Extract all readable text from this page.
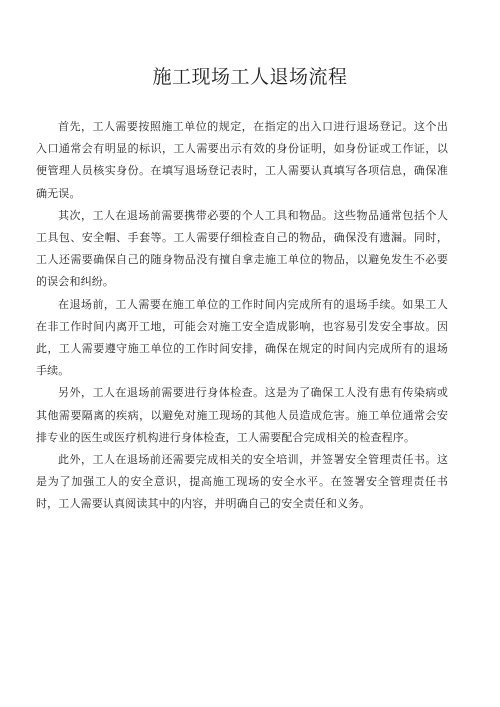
施工现场工人退场流程

首先，工人需要按照施工单位的规定，在指定的出入口进行退场登记。这个出入口通常会有明显的标识，工人需要出示有效的身份证明，如身份证或工作证，以便管理人员核实身份。在填写退场登记表时，工人需要认真填写各项信息，确保准确无误。

其次，工人在退场前需要携带必要的个人工具和物品。这些物品通常包括个人工具包、安全帽、手套等。工人需要仔细检查自己的物品，确保没有遗漏。同时，工人还需要确保自己的随身物品没有擅自拿走施工单位的物品，以避免发生不必要的误会和纠纷。

在退场前，工人需要在施工单位的工作时间内完成所有的退场手续。如果工人在非工作时间内离开工地，可能会对施工安全造成影响，也容易引发安全事故。因此，工人需要遵守施工单位的工作时间安排，确保在规定的时间内完成所有的退场手续。

另外，工人在退场前需要进行身体检查。这是为了确保工人没有患有传染病或其他需要隔离的疾病，以避免对施工现场的其他人员造成危害。施工单位通常会安排专业的医生或医疗机构进行身体检查，工人需要配合完成相关的检查程序。

此外，工人在退场前还需要完成相关的安全培训，并签署安全管理责任书。这是为了加强工人的安全意识，提高施工现场的安全水平。在签署安全管理责任书时，工人需要认真阅读其中的内容，并明确自己的安全责任和义务。
